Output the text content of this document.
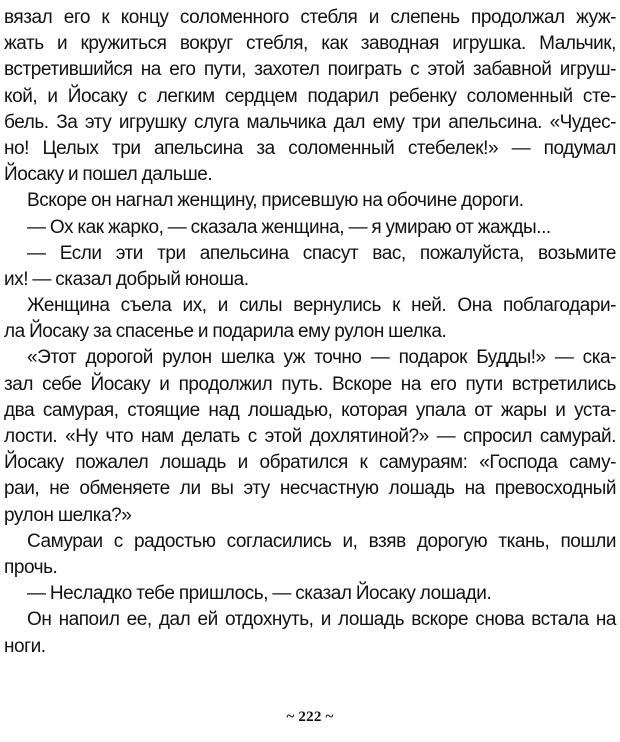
вязал его к концу соломенного стебля и слепень продолжал жуж-
жать и кружиться вокруг стебля, как заводная игрушка. Мальчик,
встретившийся на его пути, захотел поиграть с этой забавной игруш-
кой, и Йосаку с легким сердцем подарил ребенку соломенный сте-
бель. За эту игрушку слуга мальчика дал ему три апельсина. «Чудес-
но! Целых три апельсина за соломенный стебелек!» — подумал
Йосаку и пошел дальше.
Вскоре он нагнал женщину, присевшую на обочине дороги.
— Ох как жарко, — сказала женщина, — я умираю от жажды...
— Если эти три апельсина спасут вас, пожалуйста, возьмите
их! — сказал добрый юноша.
Женщина съела их, и силы вернулись к ней. Она поблагодари-
ла Йосаку за спасенье и подарила ему рулон шелка.
«Этот дорогой рулон шелка уж точно — подарок Будды!» — ска-
зал себе Йосаку и продолжил путь. Вскоре на его пути встретились
два самурая, стоящие над лошадью, которая упала от жары и уста-
лости. «Ну что нам делать с этой дохлятиной?» — спросил самурай.
Йосаку пожалел лошадь и обратился к самураям: «Господа саму-
раи, не обменяете ли вы эту несчастную лошадь на превосходный
рулон шелка?»
Самураи с радостью согласились и, взяв дорогую ткань, пошли
прочь.
— Несладко тебе пришлось, — сказал Йосаку лошади.
Он напоил ее, дал ей отдохнуть, и лошадь вскоре снова встала на
ноги.
~ 222 ~
